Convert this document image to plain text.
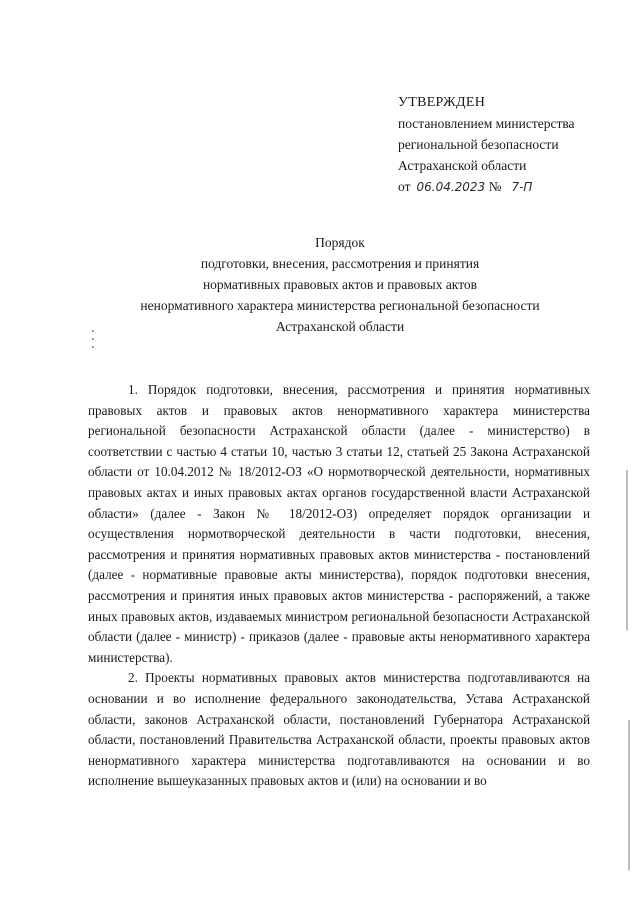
УТВЕРЖДЕН
постановлением министерства
региональной безопасности
Астраханской области
от 06.04.2023 № 7-П
Порядок
подготовки, внесения, рассмотрения и принятия
нормативных правовых актов и правовых актов
ненормативного характера министерства региональной безопасности
Астраханской области

1. Порядок подготовки, внесения, рассмотрения и принятия нормативных правовых актов и правовых актов ненормативного характера министерства региональной безопасности Астраханской области (далее - министерство) в соответствии с частью 4 статьи 10, частью 3 статьи 12, статьей 25 Закона Астраханской области от 10.04.2012 № 18/2012-ОЗ «О нормотворческой деятельности, нормативных правовых актах и иных правовых актах органов государственной власти Астраханской области» (далее - Закон № 18/2012-ОЗ) определяет порядок организации и осуществления нормотворческой деятельности в части подготовки, внесения, рассмотрения и принятия нормативных правовых актов министерства - постановлений (далее - нормативные правовые акты министерства), порядок подготовки внесения, рассмотрения и принятия иных правовых актов министерства - распоряжений, а также иных правовых актов, издаваемых министром региональной безопасности Астраханской области (далее - министр) - приказов (далее - правовые акты ненормативного характера министерства).

2. Проекты нормативных правовых актов министерства подготавливаются на основании и во исполнение федерального законодательства, Устава Астраханской области, законов Астраханской области, постановлений Губернатора Астраханской области, постановлений Правительства Астраханской области, проекты правовых актов ненормативного характера министерства подготавливаются на основании и во исполнение вышеуказанных правовых актов и (или) на основании и во
